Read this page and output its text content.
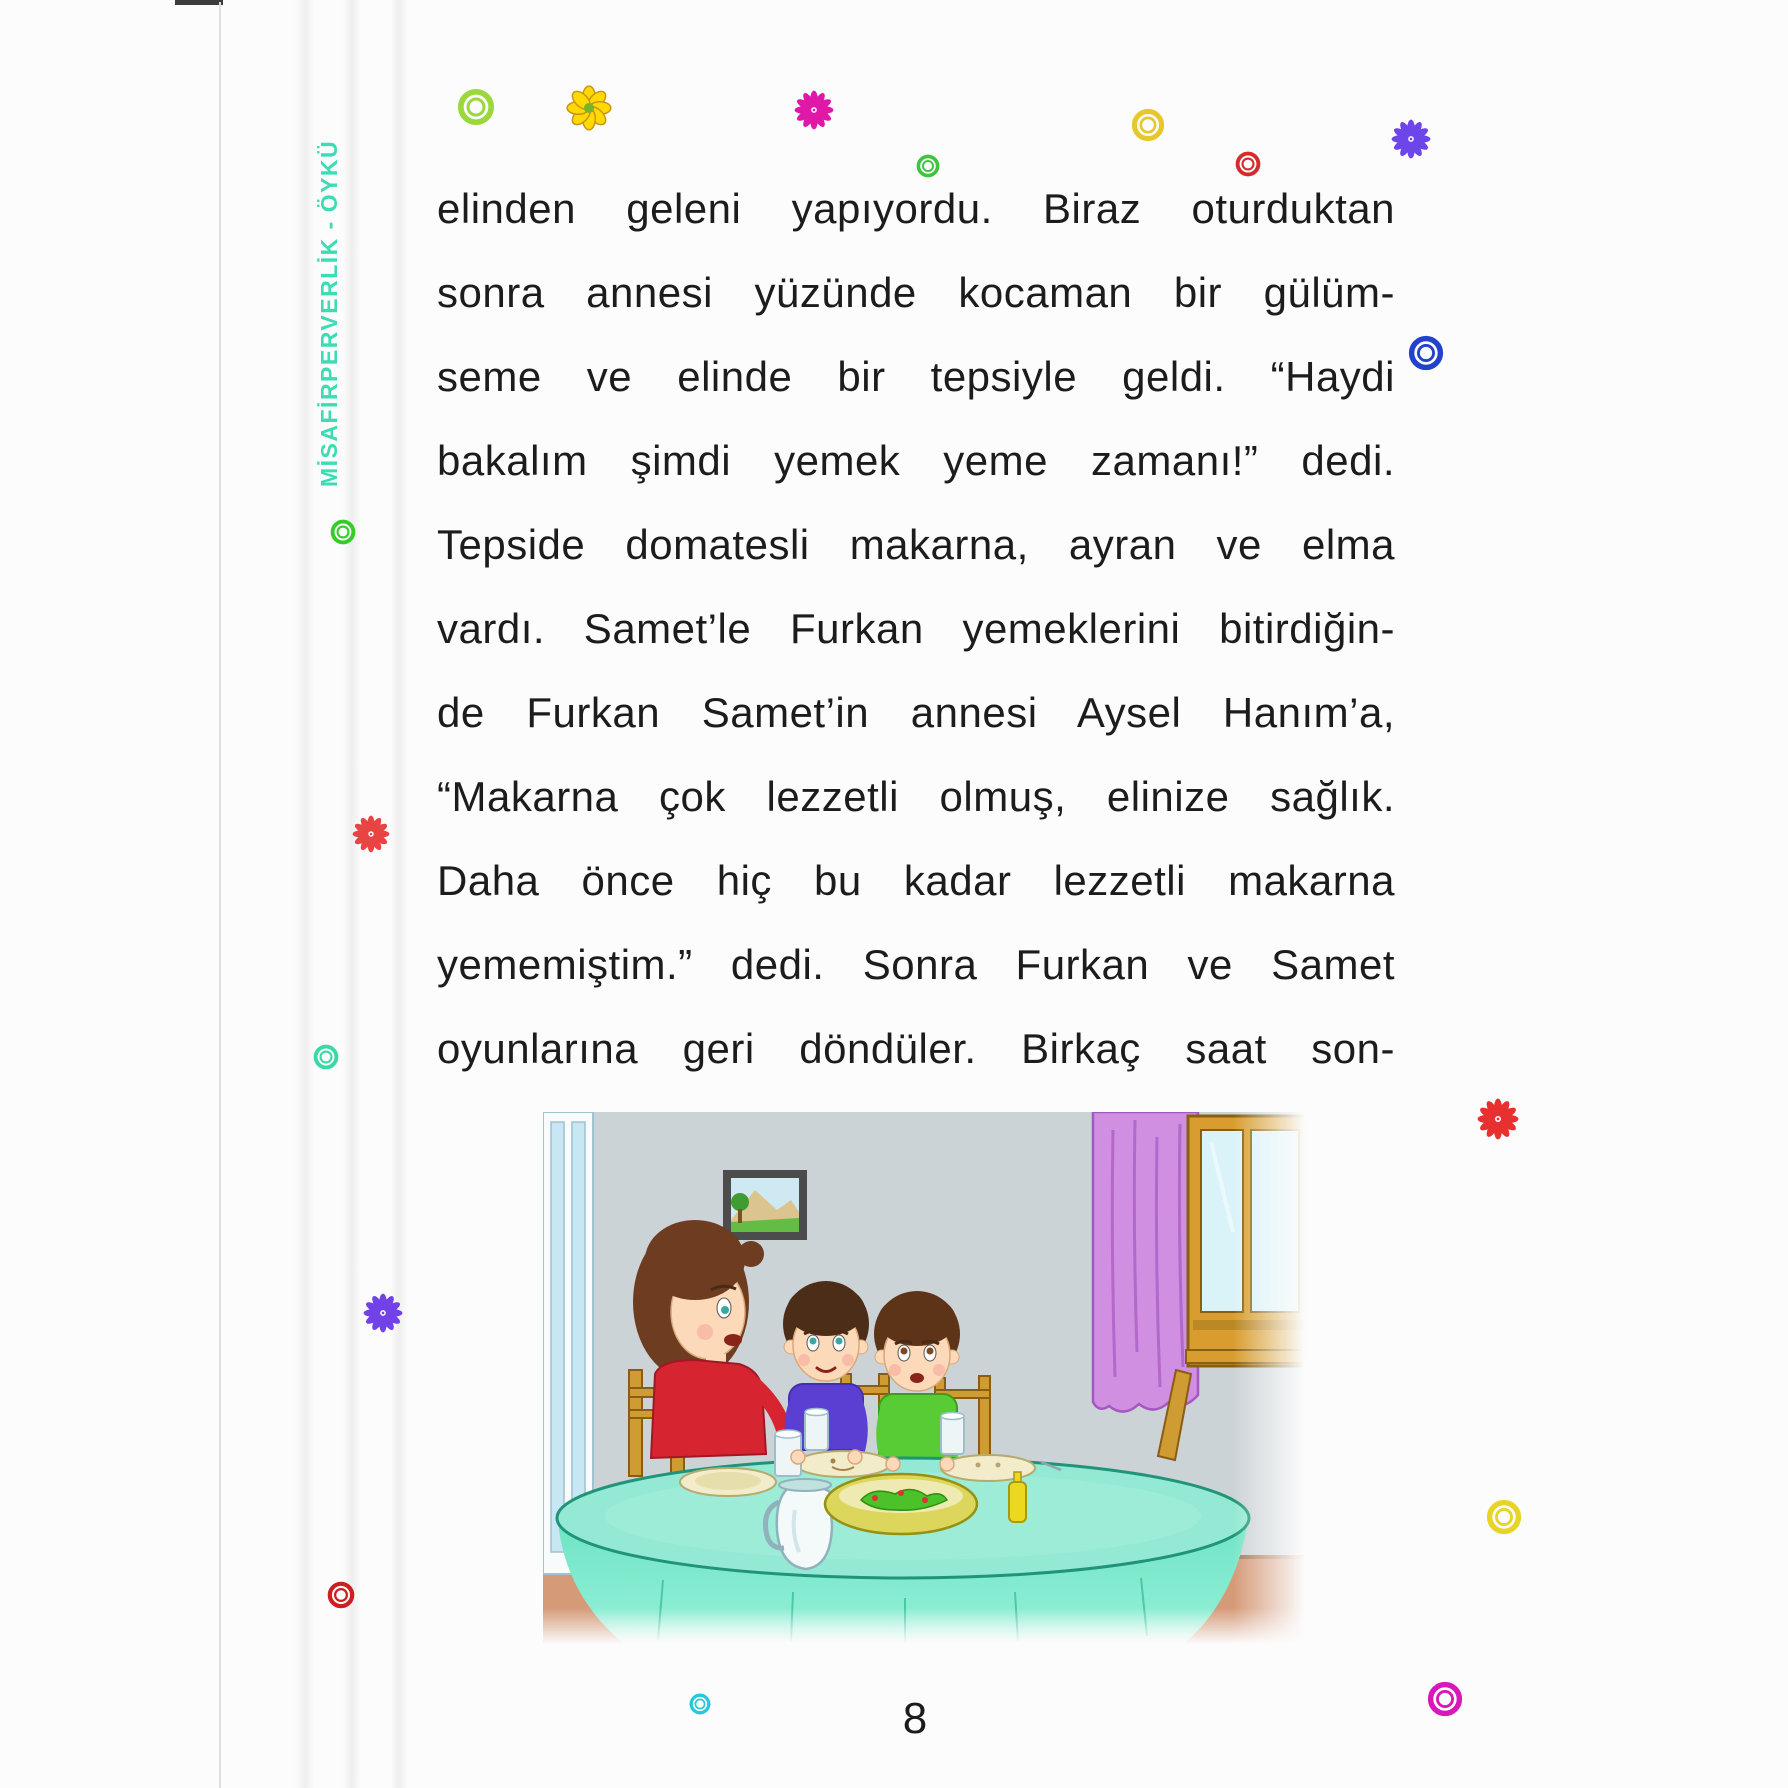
MİSAFİRPERVERLİK - ÖYKÜ elinden geleni yapıyordu. Biraz oturduktan
sonra annesi yüzünde kocaman bir gülüm-
seme ve elinde bir tepsiyle geldi. “Haydi
bakalım şimdi yemek yeme zamanı!” dedi.
Tepside domatesli makarna, ayran ve elma
vardı. Samet’le Furkan yemeklerini bitirdiğin-
de Furkan Samet’in annesi Aysel Hanım’a,
“Makarna çok lezzetli olmuş, elinize sağlık.
Daha önce hiç bu kadar lezzetli makarna
yememiştim.” dedi. Sonra Furkan ve Samet
oyunlarına geri döndüler. Birkaç saat son-
8
